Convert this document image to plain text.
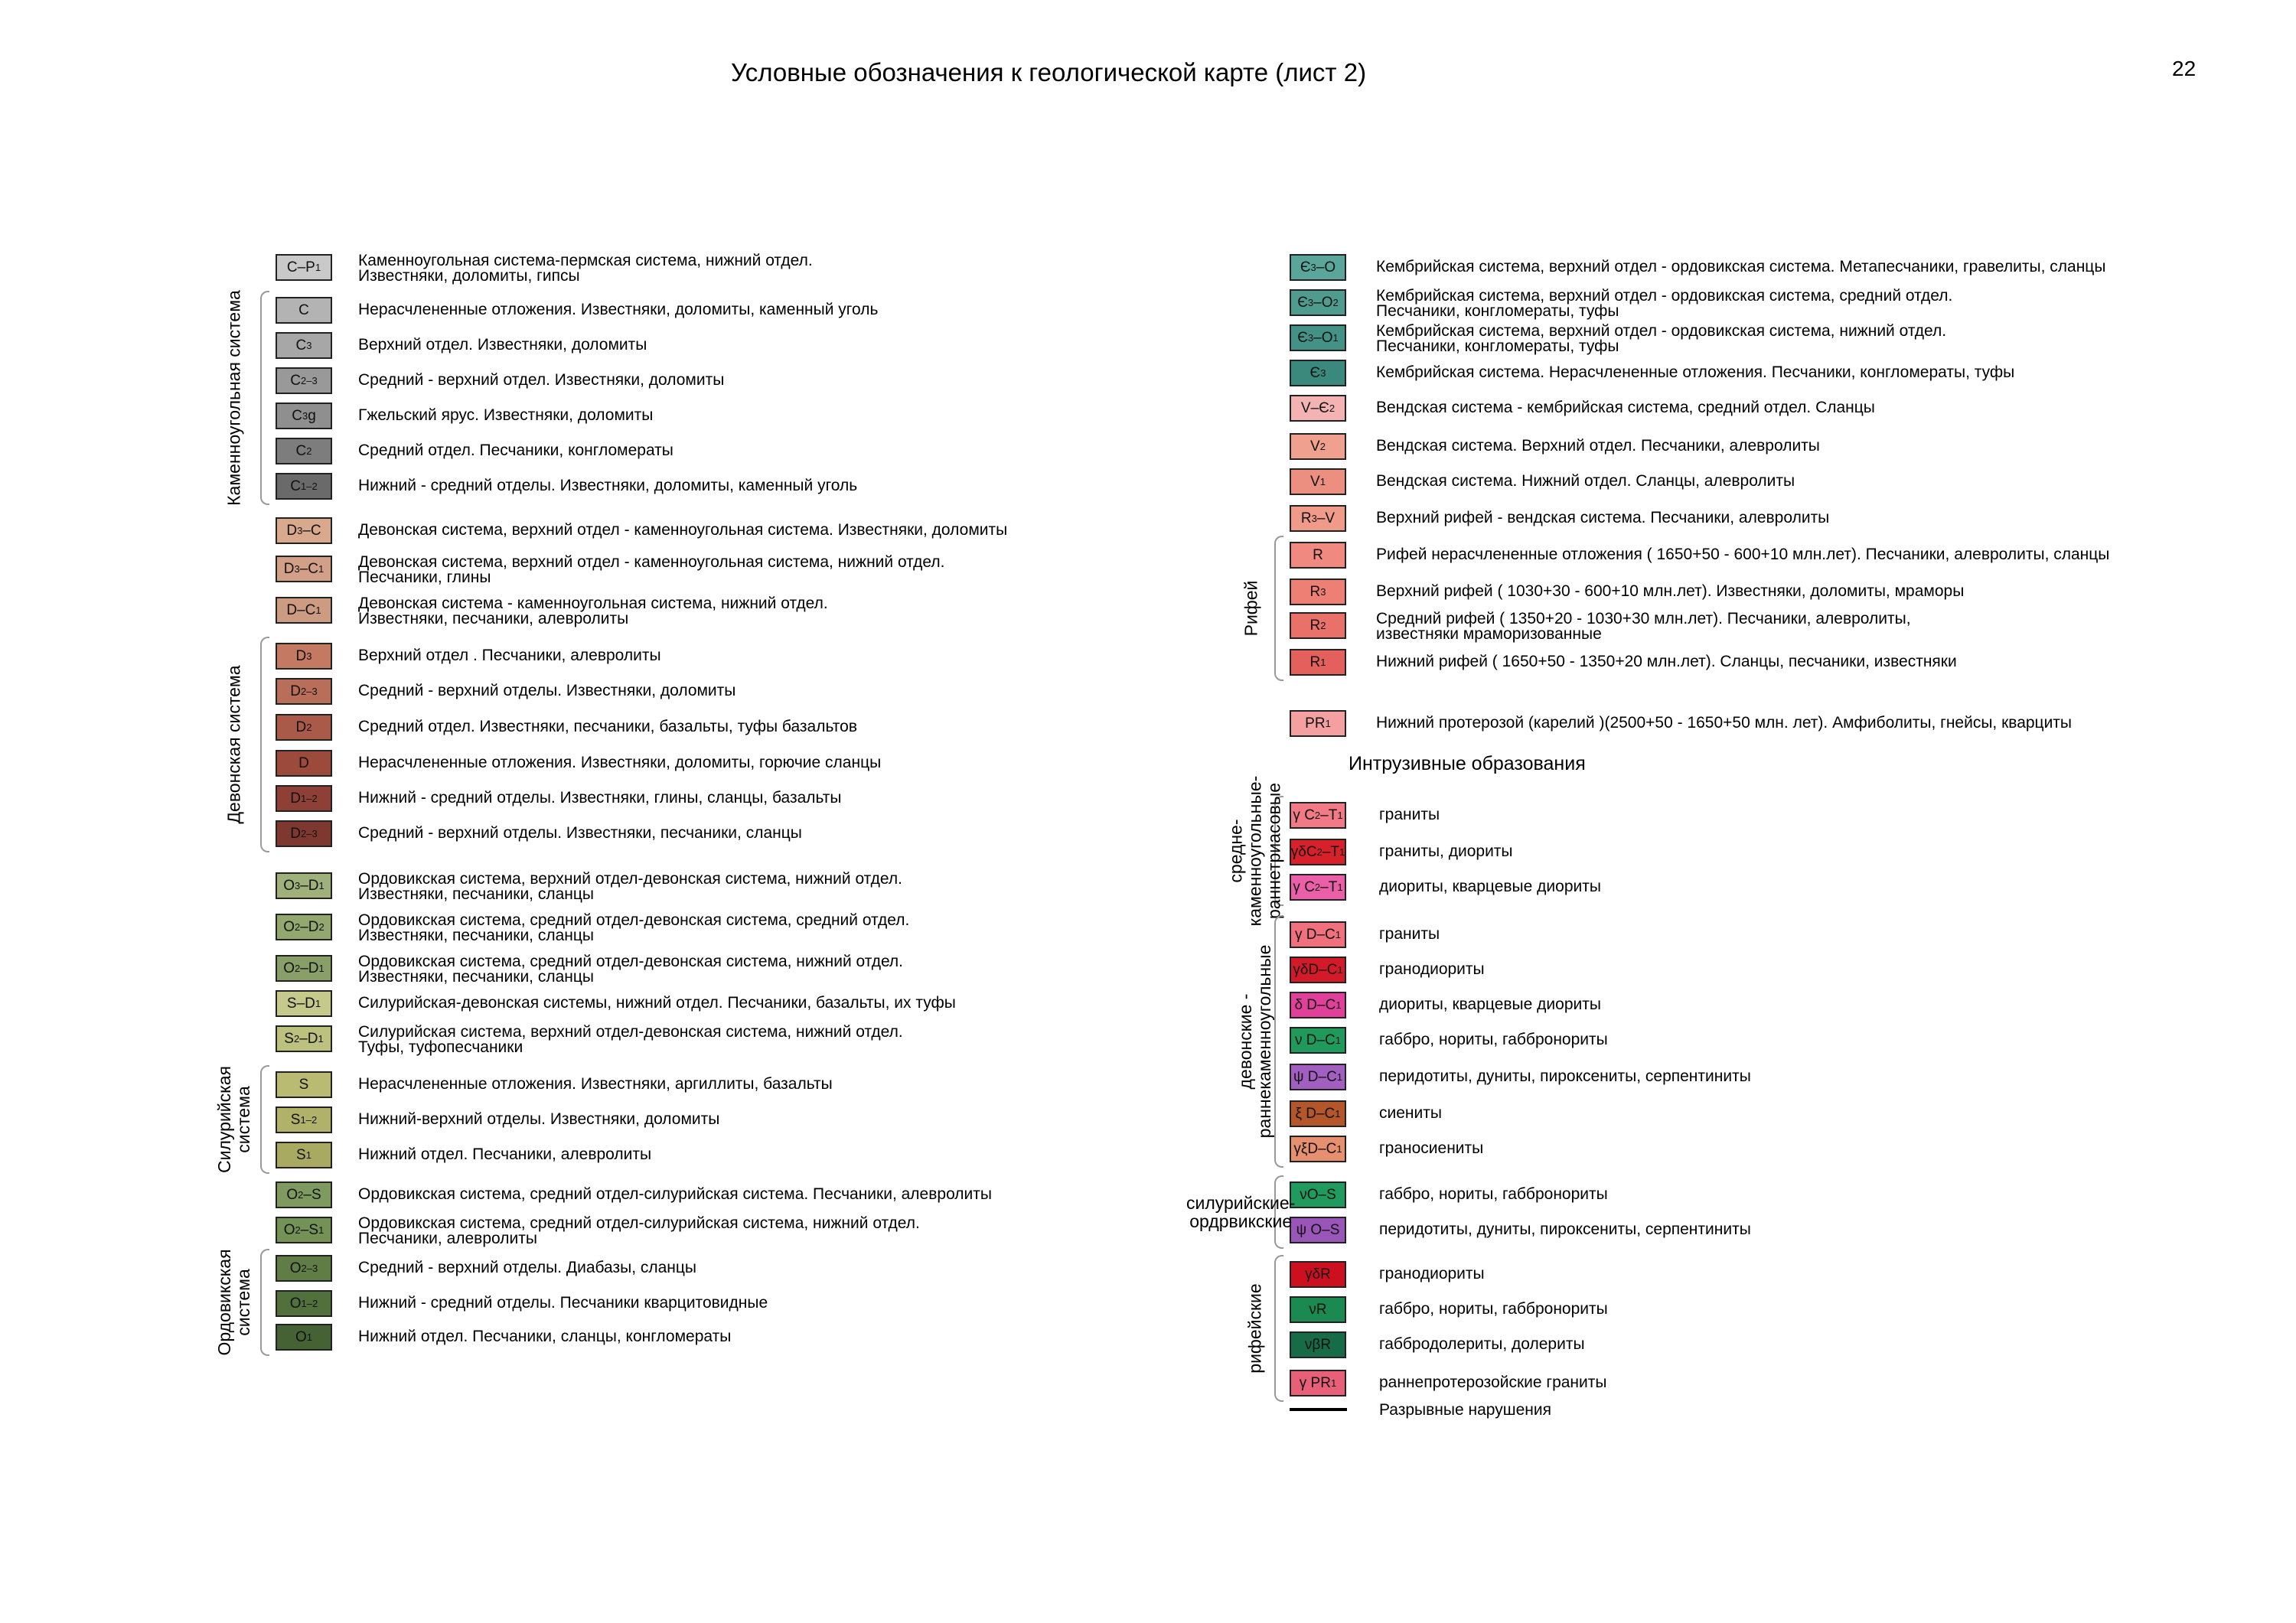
Условные обозначения к геологической карте (лист 2)	22
C–P 1 Каменноугольная система-пермская система, нижний отдел.
Известняки, доломиты, гипсы
C	Нерасчлененные отложения. Известняки, доломиты, каменный уголь
C 3	Верхний отдел. Известняки, доломиты
C 2–3	Средний - верхний отдел. Известняки, доломиты
C 3 g	Гжельский ярус. Известняки, доломиты
C 2	Средний отдел. Песчаники, конгломераты
C 1–2	Нижний - средний отделы. Известняки, доломиты, каменный уголь
D 3 –C	Девонская система, верхний отдел - каменноугольная система. Известняки, доломиты
D 3 –C 1 Девонская система, верхний отдел - каменноугольная система, нижний отдел.
Песчаники, глины
D–C 1 Девонская система - каменноугольная система, нижний отдел.
Известняки, песчаники, алевролиты
D 3	Верхний отдел . Песчаники, алевролиты
D 2–3	Средний - верхний отделы. Известняки, доломиты
D 2	Средний отдел. Известняки, песчаники, базальты, туфы базальтов
D	Нерасчлененные отложения. Известняки, доломиты, горючие сланцы
D 1–2	Нижний - средний отделы. Известняки, глины, сланцы, базальты
D 2–3	Средний - верхний отделы. Известняки, песчаники, сланцы
O 3 –D 1 Ордовикская система, верхний отдел-девонская система, нижний отдел.
Известняки, песчаники, сланцы
O 2 –D 2 Ордовикская система, средний отдел-девонская система, средний отдел.
Известняки, песчаники, сланцы
O 2 –D 1 Ордовикская система, средний отдел-девонская система, нижний отдел.
Известняки, песчаники, сланцы
S–D 1 Силурийская-девонская системы, нижний отдел. Песчаники, базальты, их туфы
S 2 –D 1 Силурийская система, верхний отдел-девонская система, нижний отдел.
Туфы, туфопесчаники
S	Нерасчлененные отложения. Известняки, аргиллиты, базальты
S 1–2	Нижний-верхний отделы. Известняки, доломиты
S 1	Нижний отдел. Песчаники, алевролиты
O 2 –S	Ордовикская система, средний отдел-силурийская система. Песчаники, алевролиты
O 2 –S 1 Ордовикская система, средний отдел-силурийская система, нижний отдел.
Песчаники, алевролиты
O 2–3	Средний - верхний отделы. Диабазы, сланцы
O 1–2	Нижний - средний отделы. Песчаники кварцитовидные
O 1	Нижний отдел. Песчаники, сланцы, конгломераты
Каменноугольная система
Девонская система
Силурийская система
Ордовикская система
Є 3 –O	Кембрийская система, верхний отдел - ордовикская система. Метапесчаники, гравелиты, сланцы
Є 3 –O 2 Кембрийская система, верхний отдел - ордовикская система, средний отдел.
Песчаники, конгломераты, туфы
Є 3 –O 1 Кембрийская система, верхний отдел - ордовикская система, нижний отдел.
Песчаники, конгломераты, туфы
Є 3	Кембрийская система. Нерасчлененные отложения. Песчаники, конгломераты, туфы
V–Є 2	Вендская система - кембрийская система, средний отдел. Сланцы
V 2	Вендская система. Верхний отдел. Песчаники, алевролиты
V 1	Вендская система. Нижний отдел. Сланцы, алевролиты
R 3 –V	Верхний рифей - вендская система. Песчаники, алевролиты
R	Рифей нерасчлененные отложения ( 1650+50 - 600+10 млн.лет). Песчаники, алевролиты, сланцы
R 3	Верхний рифей ( 1030+30 - 600+10 млн.лет). Известняки, доломиты, мраморы
R 2	Средний рифей ( 1350+20 - 1030+30 млн.лет). Песчаники, алевролиты,
известняки мраморизованные
R 1	Нижний рифей ( 1650+50 - 1350+20 млн.лет). Сланцы, песчаники, известняки
PR 1	Нижний протерозой (карелий )(2500+50 - 1650+50 млн. лет). Амфиболиты, гнейсы, кварциты
Рифей
Интрузивные образования
γ C 2 –T 1 граниты
γδC 2 –T 1 граниты, диориты
γ C 2 –T 1 диориты, кварцевые диориты
γ D–C 1 граниты
γδD–C 1 гранодиориты
δ D–C 1 диориты, кварцевые диориты
ν D–C 1 габбро, нориты, габбронориты
ψ D–C 1 перидотиты, дуниты, пироксениты, серпентиниты
ξ D–C 1 сиениты
γξD–C 1 граносиениты
νO–S	габбро, нориты, габбронориты
ψ O–S	перидотиты, дуниты, пироксениты, серпентиниты
γδR	гранодиориты
νR	габбро, нориты, габбронориты
νβR	габбродолериты, долериты
γ PR 1	раннепротерозойские граниты
средне- каменноугольные- раннетриасовые
девонские - раннекаменноугольные
силурийские-
ордрвикские
рифейские
Разрывные нарушения
